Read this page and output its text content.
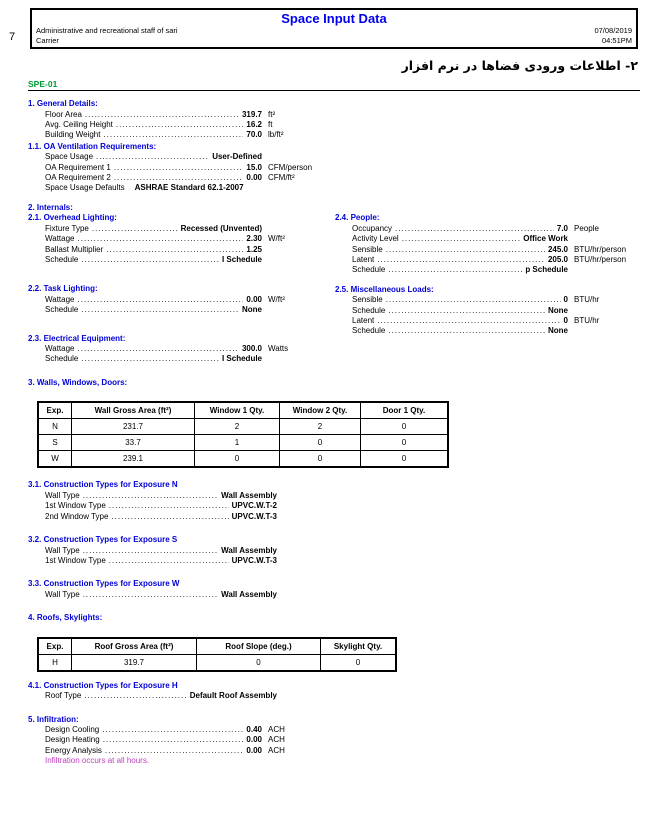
7
Space Input Data
Administrative and recreational staff of sari
Carrier
07/08/2019
04:51PM
۲- اطلاعات ورودی فضاها در نرم افزار
SPE-01
1. General Details:
Floor Area .....	319.7 ft²
Avg. Ceiling Height .....	16.2 ft
Building Weight .....	70.0 lb/ft²
1.1. OA Ventilation Requirements:
Space Usage .....	User-Defined
OA Requirement 1 .....	15.0 CFM/person
OA Requirement 2 .....	0.00 CFM/ft²
Space Usage Defaults ASHRAE Standard 62.1-2007
2. Internals:
2.1. Overhead Lighting:
Fixture Type .....	Recessed (Unvented)
Wattage .....	2.30 W/ft²
Ballast Multiplier .....	1.25
Schedule .....	I Schedule
2.2. Task Lighting:
Wattage .....	0.00 W/ft²
Schedule .....	None
2.3. Electrical Equipment:
Wattage .....	300.0 Watts
Schedule .....	I Schedule
2.4. People:
Occupancy .....	7.0 People
Activity Level .....	Office Work
Sensible .....	245.0 BTU/hr/person
Latent .....	205.0 BTU/hr/person
Schedule .....	p Schedule
2.5. Miscellaneous Loads:
Sensible .....	0 BTU/hr
Schedule .....	None
Latent .....	0 BTU/hr
Schedule .....	None
3. Walls, Windows, Doors:
Exp.	Wall Gross Area (ft²)	Window 1 Qty.	Window 2 Qty.	Door 1 Qty.
N	231.7	2	2	0
S	33.7	1	0	0
W	239.1	0	0	0
3.1. Construction Types for Exposure N
Wall Type .....	Wall Assembly
1st Window Type .....	UPVC.W.T-2
2nd Window Type .....	UPVC.W.T-3
3.2. Construction Types for Exposure S
Wall Type .....	Wall Assembly
1st Window Type .....	UPVC.W.T-3
3.3. Construction Types for Exposure W
Wall Type .....	Wall Assembly
4. Roofs, Skylights:
Exp.	Roof Gross Area (ft²)	Roof Slope (deg.)	Skylight Qty.
H	319.7	0	0
4.1. Construction Types for Exposure H
Roof Type .....	Default Roof Assembly
5. Infiltration:
Design Cooling .....	0.40 ACH
Design Heating .....	0.00 ACH
Energy Analysis .....	0.00 ACH
Infiltration occurs at all hours.
